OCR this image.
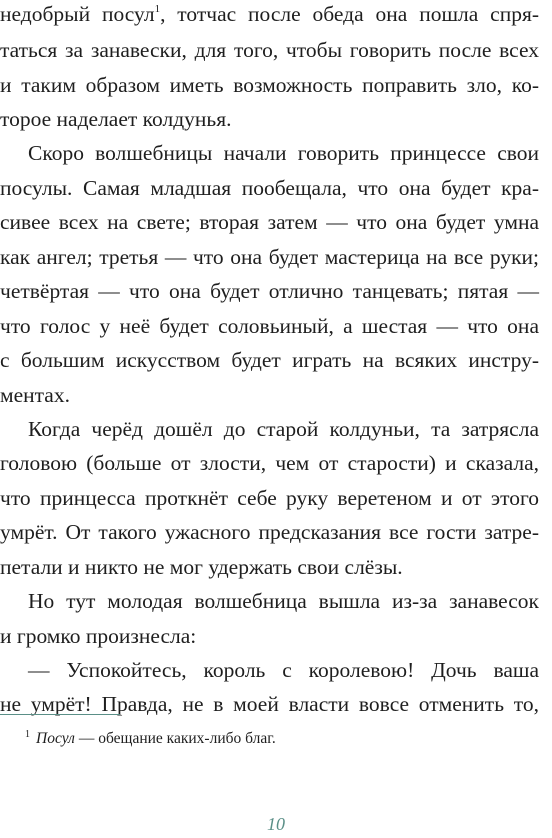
недобрый посул$^1$, тотчас после обеда она пошла спря-
таться за занавески, для того, чтобы говорить после всех
и таким образом иметь возможность поправить зло, ко-
торое наделает колдунья.
Скоро волшебницы начали говорить принцессе свои
посулы. Самая младшая пообещала, что она будет кра-
сивее всех на свете; вторая затем — что она будет умна
как ангел; третья — что она будет мастерица на все руки;
четвёртая — что она будет отлично танцевать; пятая —
что голос у неё будет соловьиный, а шестая — что она
с большим искусством будет играть на всяких инстру-
ментах.
Когда черёд дошёл до старой колдуньи, та затрясла
головою (больше от злости, чем от старости) и сказала,
что принцесса проткнёт себе руку веретеном и от этого
умрёт. От такого ужасного предсказания все гости затре-
петали и никто не мог удержать свои слёзы.
Но тут молодая волшебница вышла из-за занавесок
и громко произнесла:
— Успокойтесь, король с королевою! Дочь ваша
не умрёт! Правда, не в моей власти вовсе отменить то,
$^1$ Посул — обещание каких-либо благ.
10
